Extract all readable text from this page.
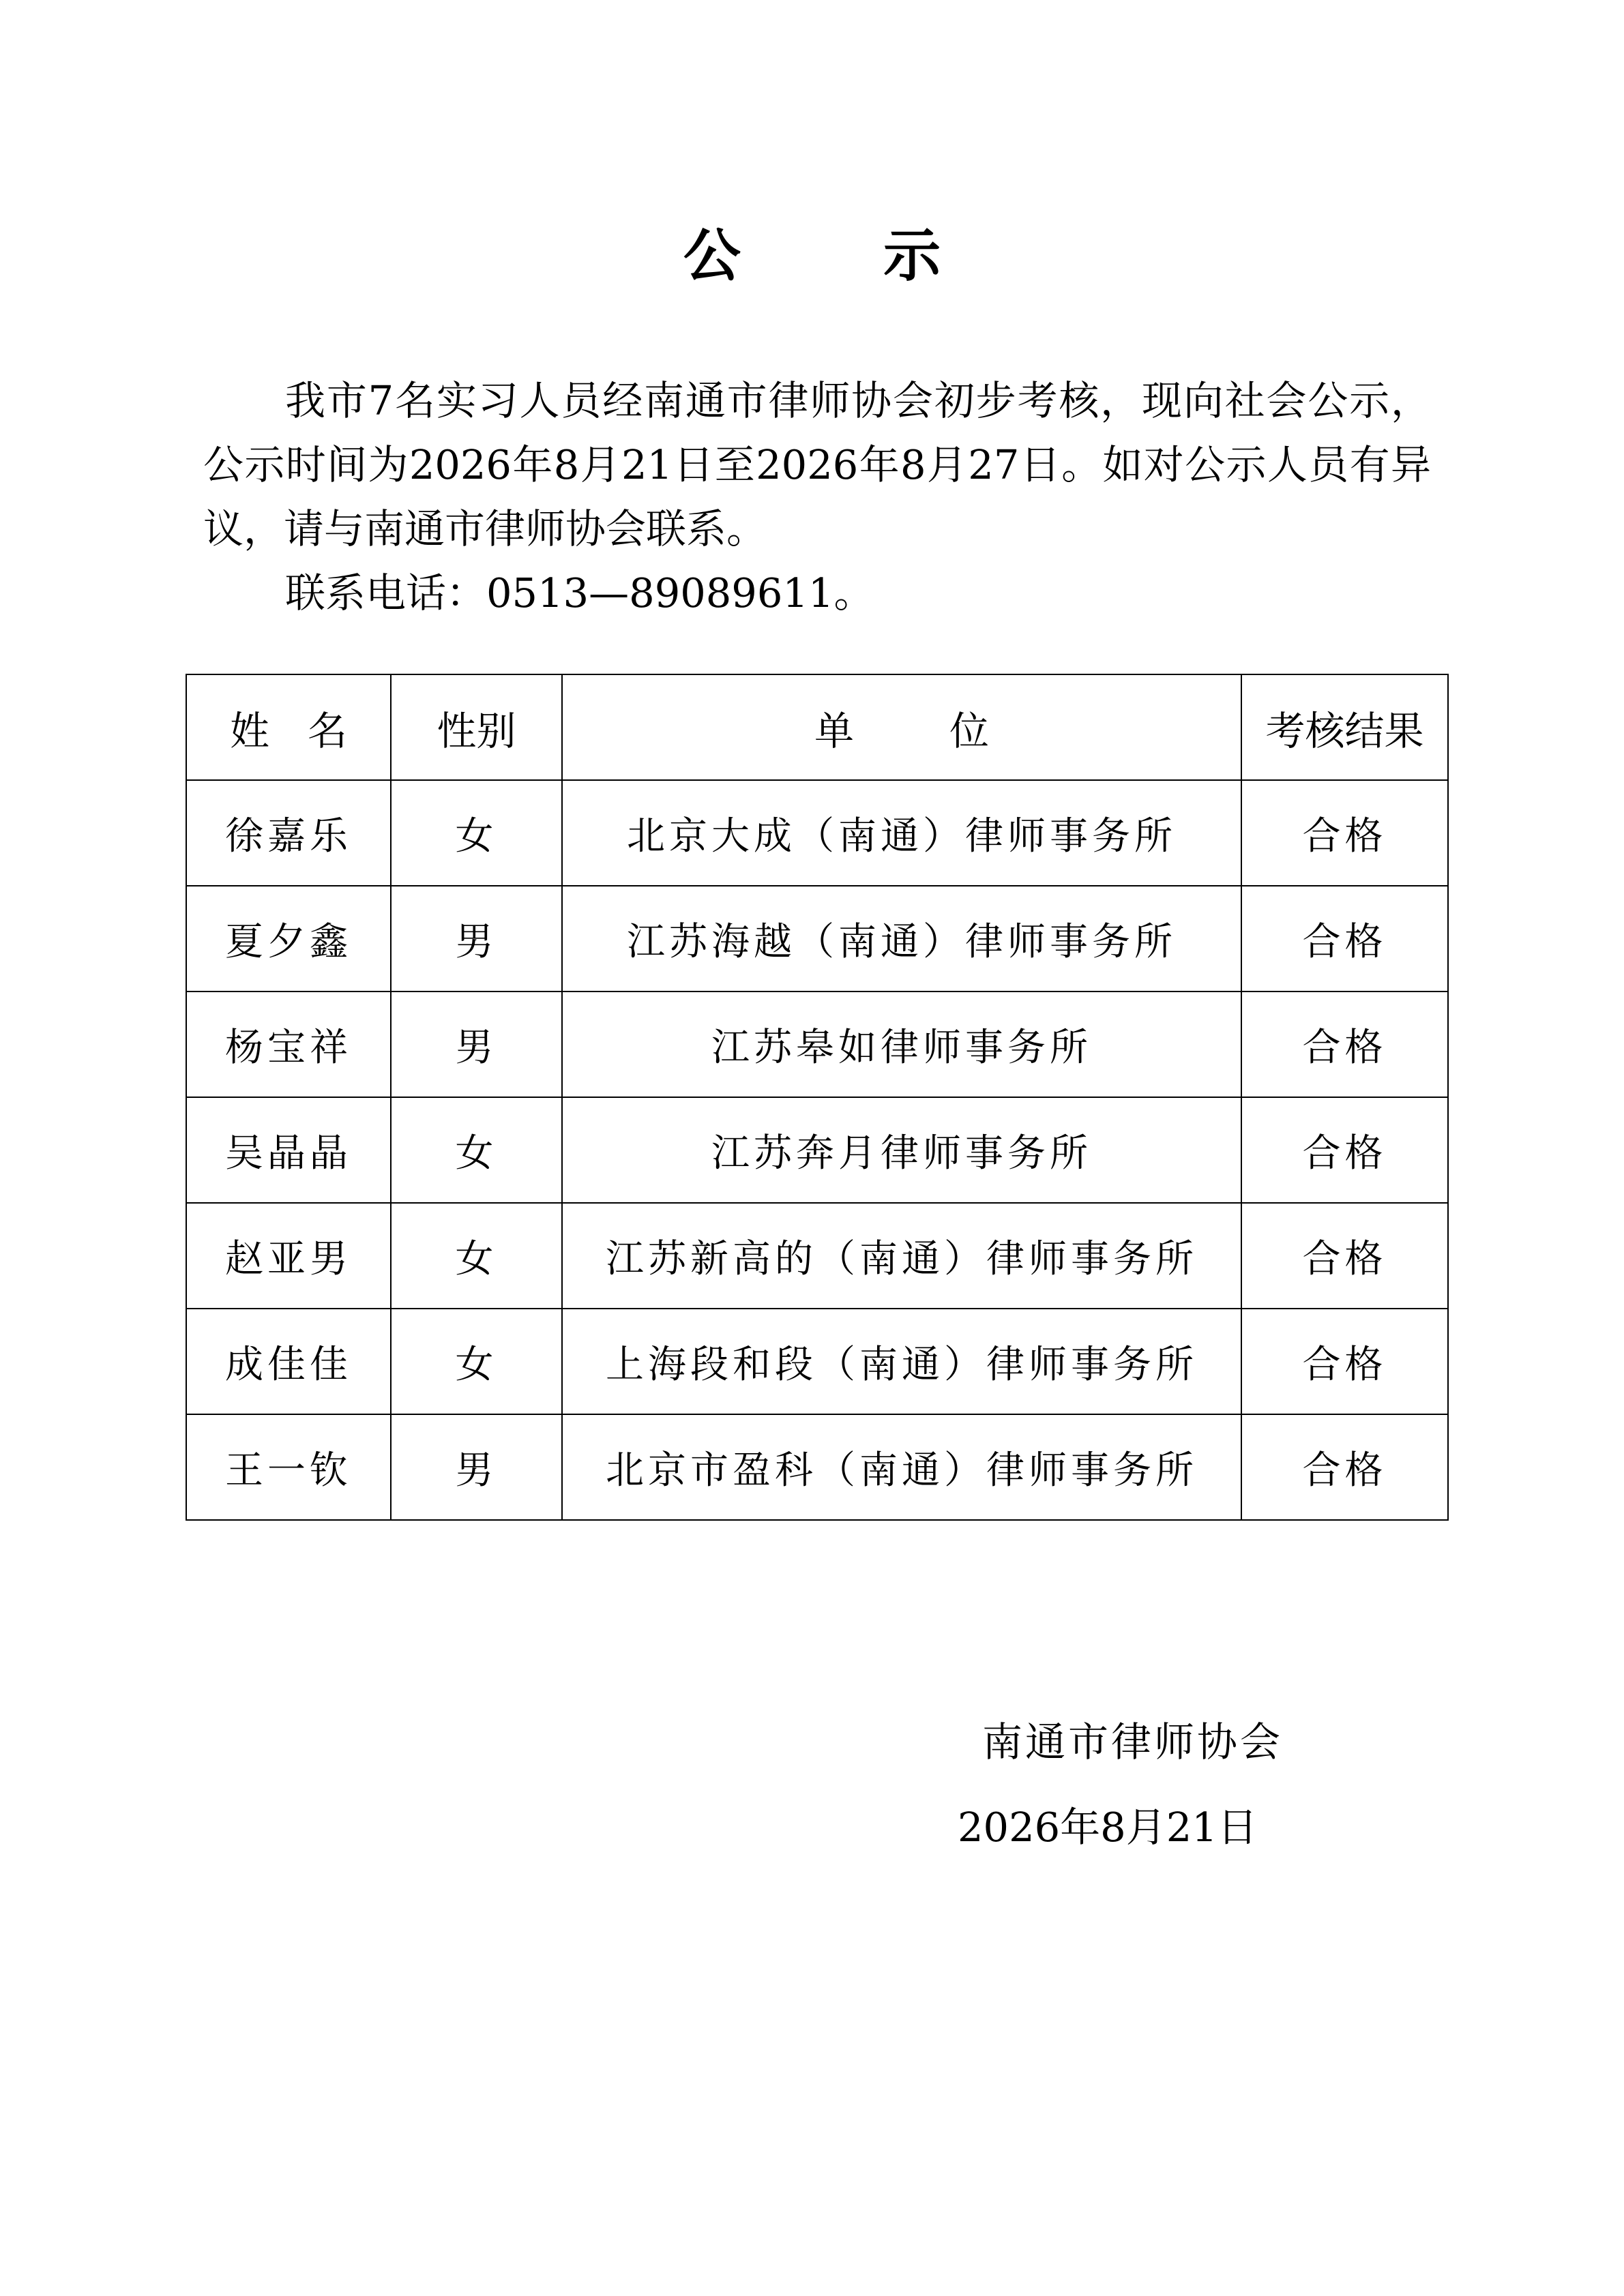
公 示

我市7名实习人员经南通市律师协会初步考核，现向社会公示，公示时间为2026年8月21日至2026年8月27日。如对公示人员有异议，请与南通市律师协会联系。

联系电话：0513—89089611。

姓名	性别	单位	考核结果
徐嘉乐	女	北京大成（南通）律师事务所	合格
夏夕鑫	男	江苏海越（南通）律师事务所	合格
杨宝祥	男	江苏皋如律师事务所	合格
吴晶晶	女	江苏奔月律师事务所	合格
赵亚男	女	江苏新高的（南通）律师事务所	合格
成佳佳	女	上海段和段（南通）律师事务所	合格
王一钦	男	北京市盈科（南通）律师事务所	合格
南通市律师协会
2026年8月21日
